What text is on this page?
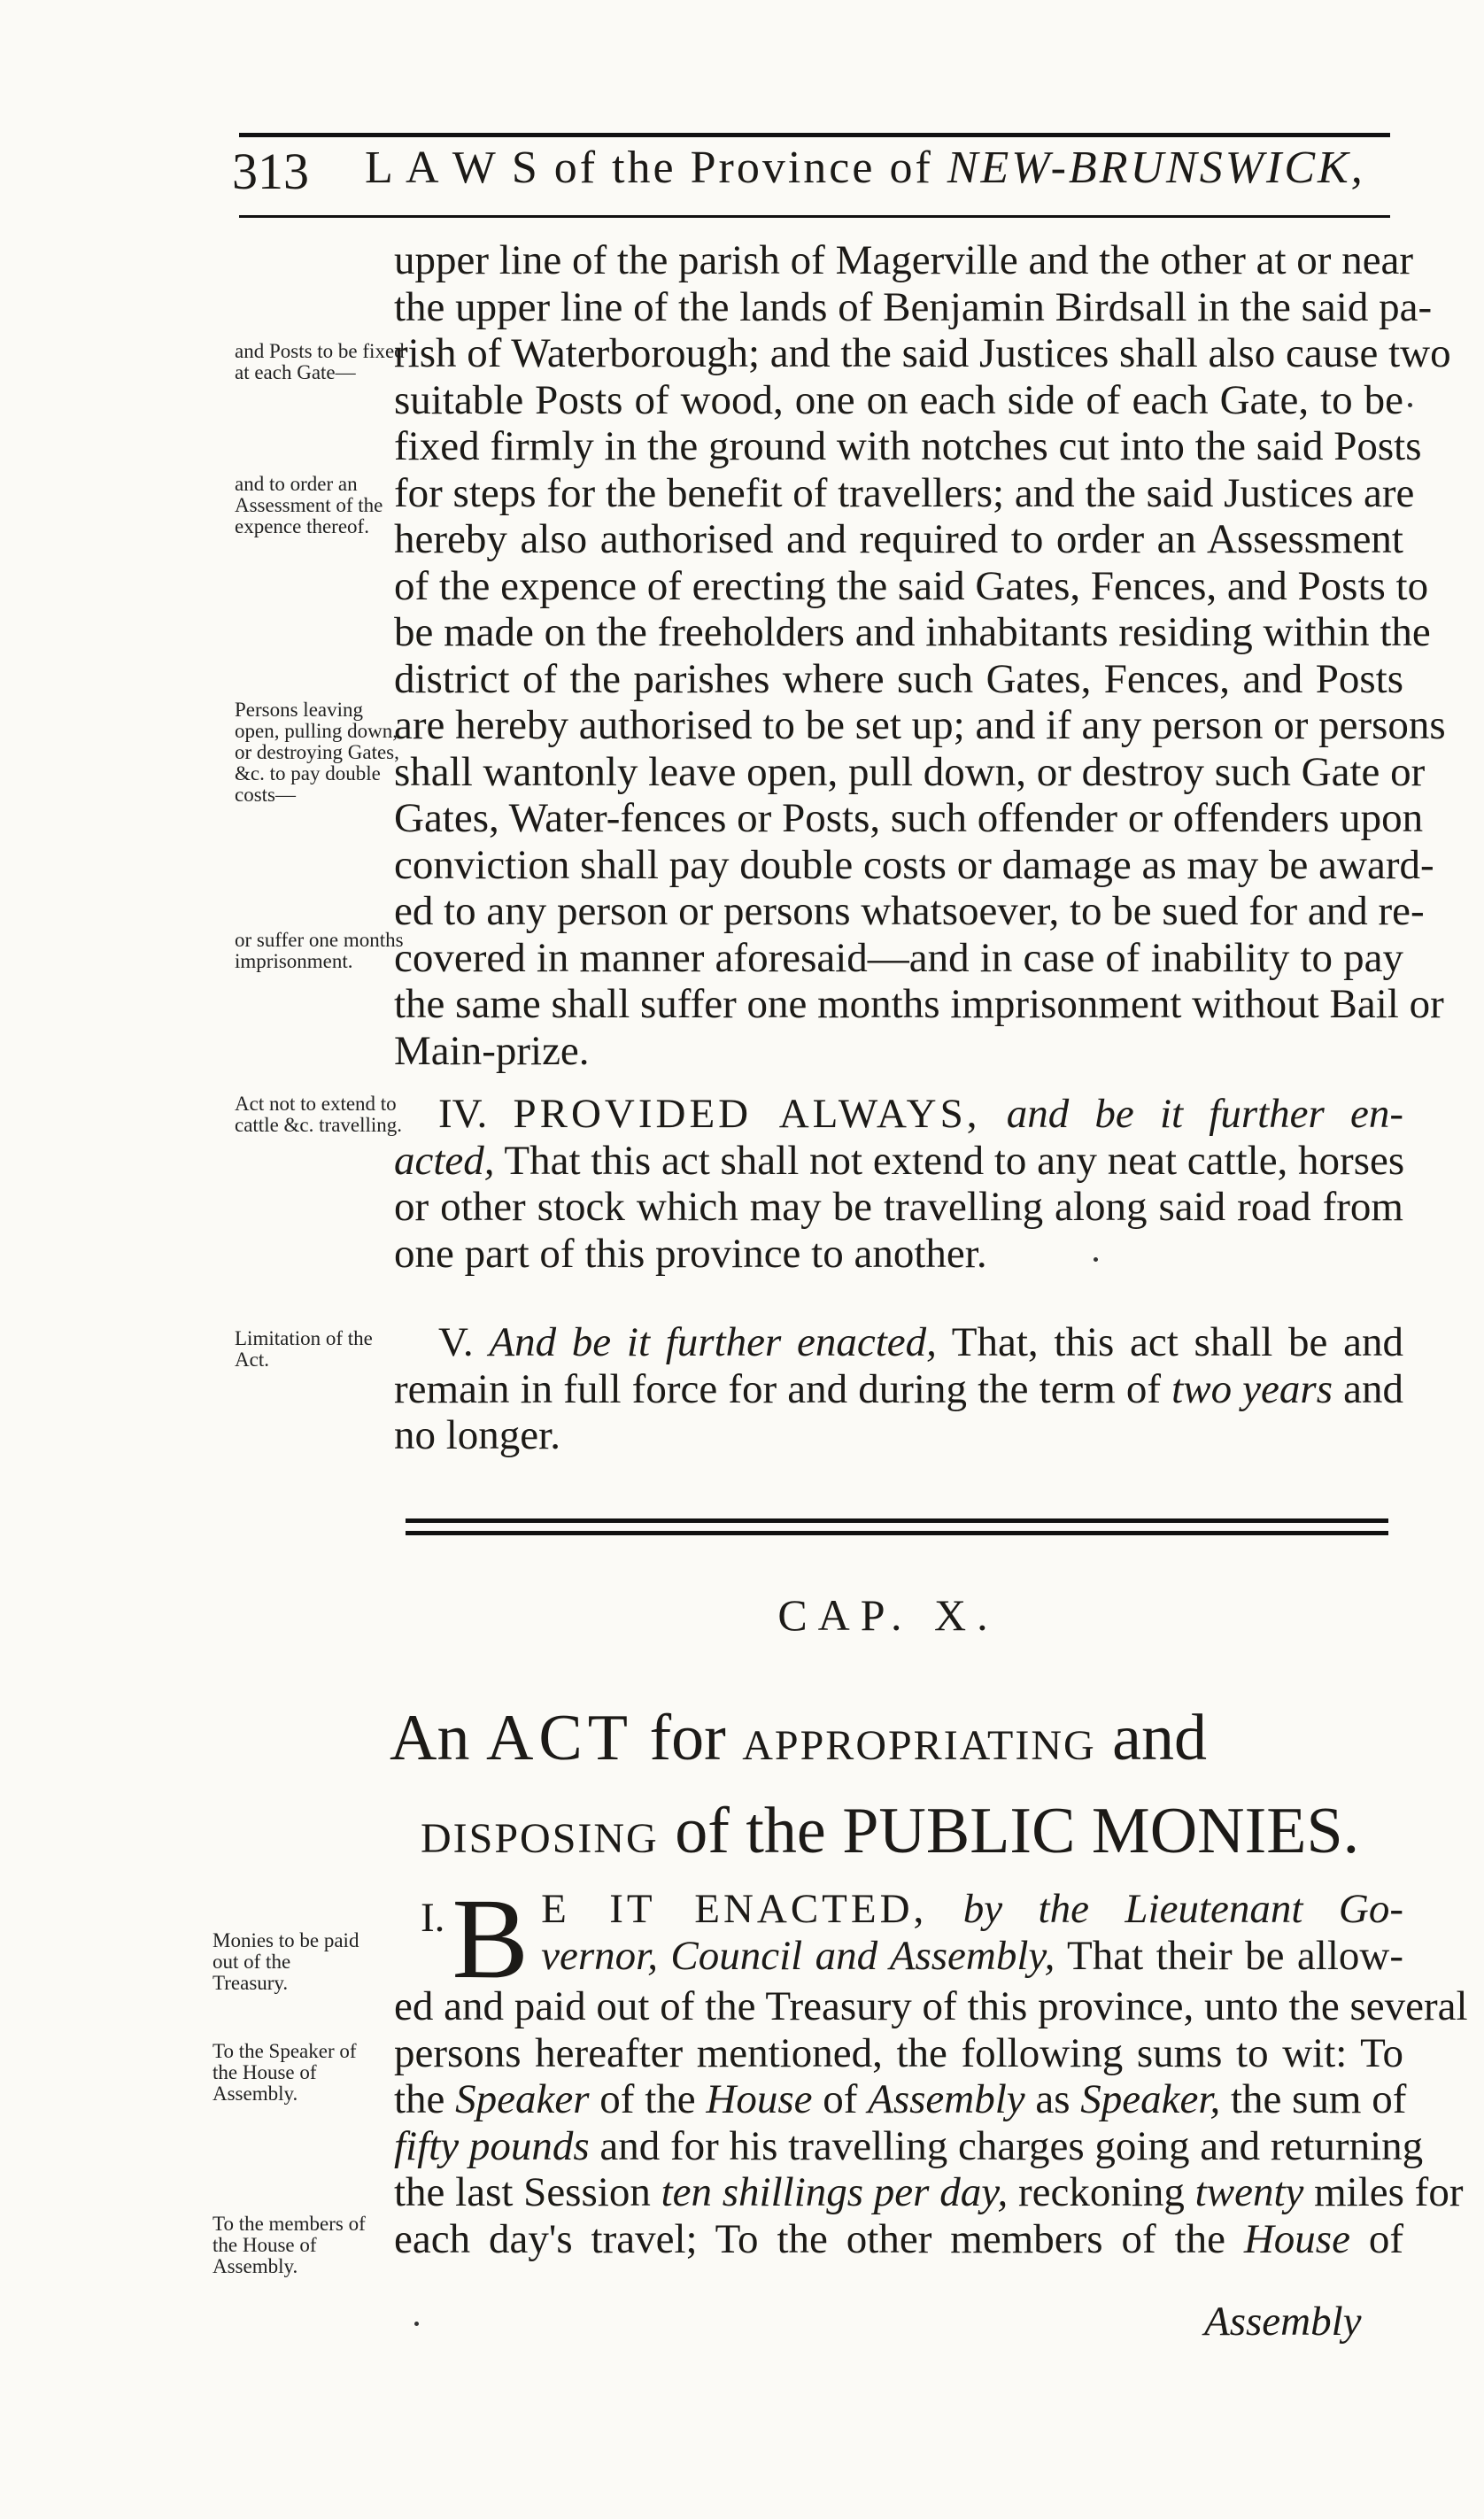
313 L A W S of the Province of NEW-BRUNSWICK,
and Posts to be fixed at each Gate—
and to order an Assessment of the expence thereof.
Persons leaving open, pulling down, or destroying Gates, &c. to pay double costs—
or suffer one months imprisonment.
Act not to extend to cattle &c. travelling.
Limitation of the Act.
Monies to be paid out of the Treasury.
To the Speaker of the House of Assembly.
To the members of the House of Assembly.
upper line of the parish of Magerville and the other at or near
the upper line of the lands of Benjamin Birdsall in the said pa-
rish of Waterborough; and the said Justices shall also cause two
suitable Posts of wood, one on each side of each Gate, to be
fixed firmly in the ground with notches cut into the said Posts
for steps for the benefit of travellers; and the said Justices are
hereby also authorised and required to order an Assessment
of the expence of erecting the said Gates, Fences, and Posts to
be made on the freeholders and inhabitants residing within the
district of the parishes where such Gates, Fences, and Posts
are hereby authorised to be set up; and if any person or persons
shall wantonly leave open, pull down, or destroy such Gate or
Gates, Water-fences or Posts, such offender or offenders upon
conviction shall pay double costs or damage as may be award-
ed to any person or persons whatsoever, to be sued for and re-
covered in manner aforesaid—and in case of inability to pay
the same shall suffer one months imprisonment without Bail or
Main-prize.
IV. PROVIDED ALWAYS, and be it further en-
acted, That this act shall not extend to any neat cattle, horses
or other stock which may be travelling along said road from
one part of this province to another.
V. And be it further enacted, That, this act shall be and
remain in full force for and during the term of two years and
no longer.
CAP. X.
An ACT for APPROPRIATING and
DISPOSING of the PUBLIC MONIES.
I. B E IT ENACTED, by the Lieutenant Go-
vernor, Council and Assembly, That their be allow-
ed and paid out of the Treasury of this province, unto the several
persons hereafter mentioned, the following sums to wit: To
the Speaker of the House of Assembly as Speaker, the sum of
fifty pounds and for his travelling charges going and returning
the last Session ten shillings per day, reckoning twenty miles for
each day's travel; To the other members of the House of
Assembly
